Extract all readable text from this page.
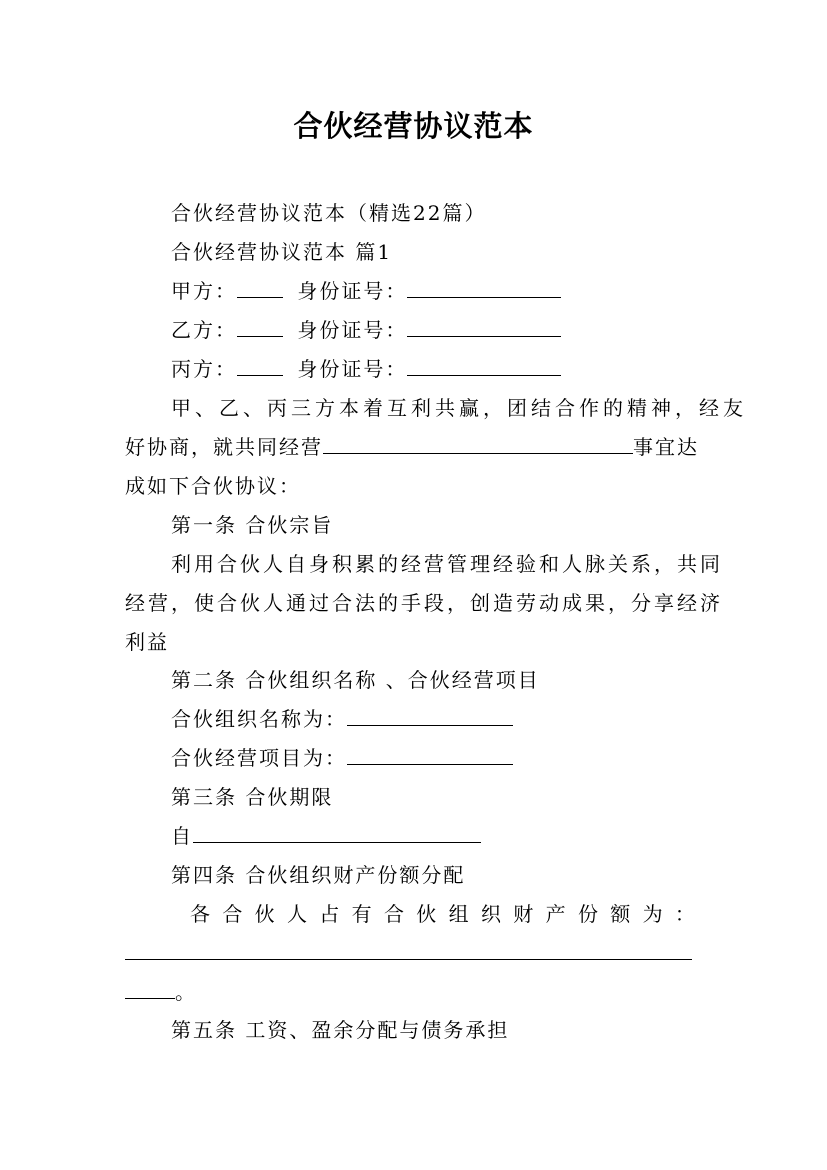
合伙经营协议范本
合伙经营协议范本（精选22篇）
合伙经营协议范本 篇1
甲方：	身份证号：
乙方：	身份证号：
丙方：	身份证号：
甲、乙、丙三方本着互利共赢，团结合作的精神，经友
好协商，就共同经营	事宜达
成如下合伙协议：
第一条 合伙宗旨
利用合伙人自身积累的经营管理经验和人脉关系，共同
经营，使合伙人通过合法的手段，创造劳动成果，分享经济
利益
第二条 合伙组织名称 、合伙经营项目
合伙组织名称为：
合伙经营项目为：
第三条 合伙期限
自
第四条 合伙组织财产份额分配
各 合 伙 人 占 有 合 伙 组 织 财 产 份 额 为 ：
。
第五条 工资、盈余分配与债务承担
